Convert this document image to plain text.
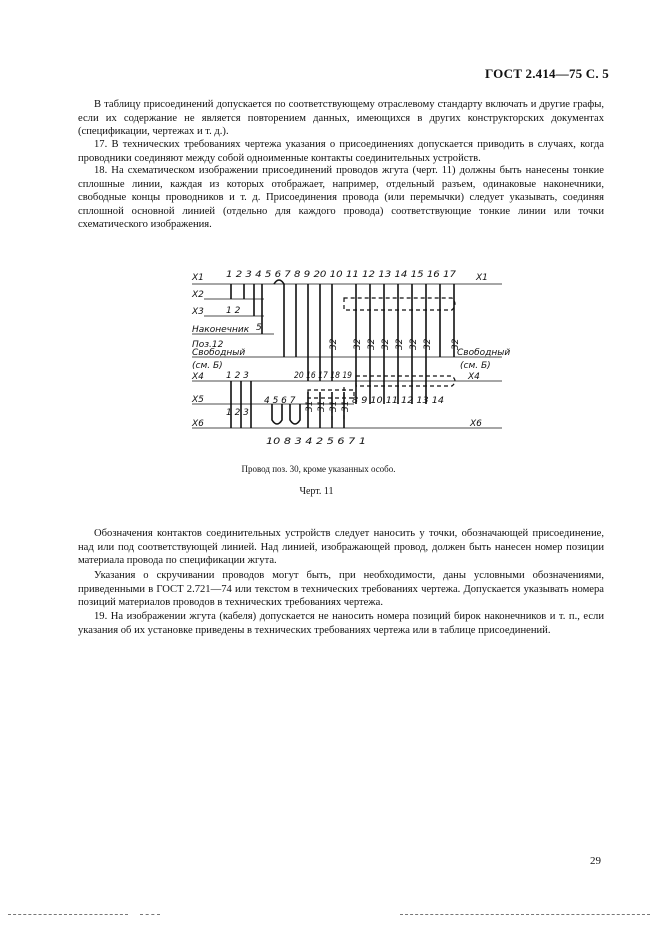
ГОСТ 2.414—75 С. 5

В таблицу присоединений допускается по соответствующему отраслевому стандарту включать и другие графы, если их содержание не является повторением данных, имеющихся в других конструкторских документах (спецификации, чертежах и т. д.).

17. В технических требованиях чертежа указания о присоединениях допускается приводить в случаях, когда проводники соединяют между собой одноименные контакты соединительных устройств.

18. На схематическом изображении присоединений проводов жгута (черт. 11) должны быть нанесены тонкие сплошные линии, каждая из которых отображает, например, отдельный разъем, одинаковые наконечники, свободные концы проводников и т. д. Присоединения провода (или перемычки) следует указывать, соединяя сплошной основной линией (отдельно для каждого провода) соответствующие тонкие линии или точки схематического изображения.

X1	X1
1 2 3 4 5 6 7 8 9 20 10 11 12 13 14 15 16 17
X2
1 2
X3
5
Наконечник
Поз.12
Свободный
(см. Б)
Свободный
(см. Б)
32 32 32 32 32 32 32 32
X4 1 2 3	20 16 17 18 19	X4
X5
1 2 3
4 5 6 7	8 9 10 11 12 13 14
31 31 31 31
X6	X6
10 8 3 4 2 5 6 7 1
Провод поз. 30, кроме указанных особо.
Черт. 11

Обозначения контактов соединительных устройств следует наносить у точки, обозначающей присоединение, над или под соответствующей линией. Над линией, изображающей провод, должен быть нанесен номер позиции материала провода по спецификации жгута.

Указания о скручивании проводов могут быть, при необходимости, даны условными обозначениями, приведенными в ГОСТ 2.721—74 или текстом в технических требованиях чертежа. Допускается указывать номера позиций материалов проводов в технических требованиях чертежа.

19. На изображении жгута (кабеля) допускается не наносить номера позиций бирок наконечников и т. п., если указания об их установке приведены в технических требованиях чертежа или в таблице присоединений.

29
